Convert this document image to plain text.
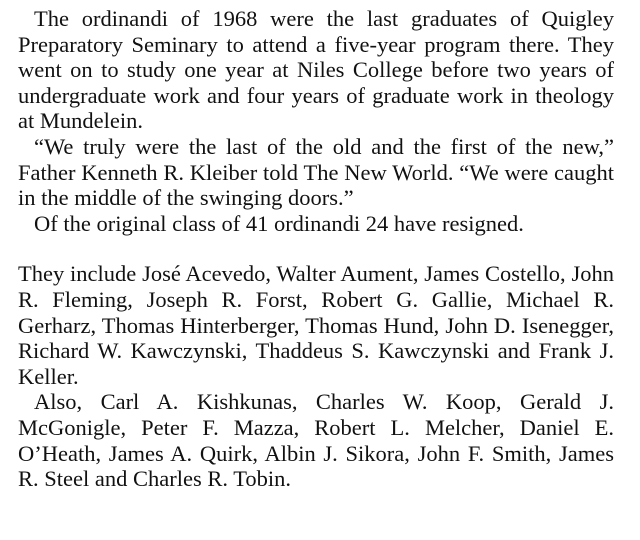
The ordinandi of 1968 were the last graduates of Quigley Preparatory Seminary to attend a five-year program there. They went on to study one year at Niles College before two years of undergraduate work and four years of graduate work in theology at Mundelein.

“We truly were the last of the old and the first of the new,” Father Kenneth R. Kleiber told The New World. “We were caught in the middle of the swinging doors.”

Of the original class of 41 ordinandi 24 have resigned.

They include José Acevedo, Walter Aument, James Costello, John R. Fleming, Joseph R. Forst, Robert G. Gallie, Michael R. Gerharz, Thomas Hinterberger, Thomas Hund, John D. Isenegger, Richard W. Kawczynski, Thaddeus S. Kawczynski and Frank J. Keller.

Also, Carl A. Kishkunas, Charles W. Koop, Gerald J. McGonigle, Peter F. Mazza, Robert L. Melcher, Daniel E. O’Heath, James A. Quirk, Albin J. Sikora, John F. Smith, James R. Steel and Charles R. Tobin.
